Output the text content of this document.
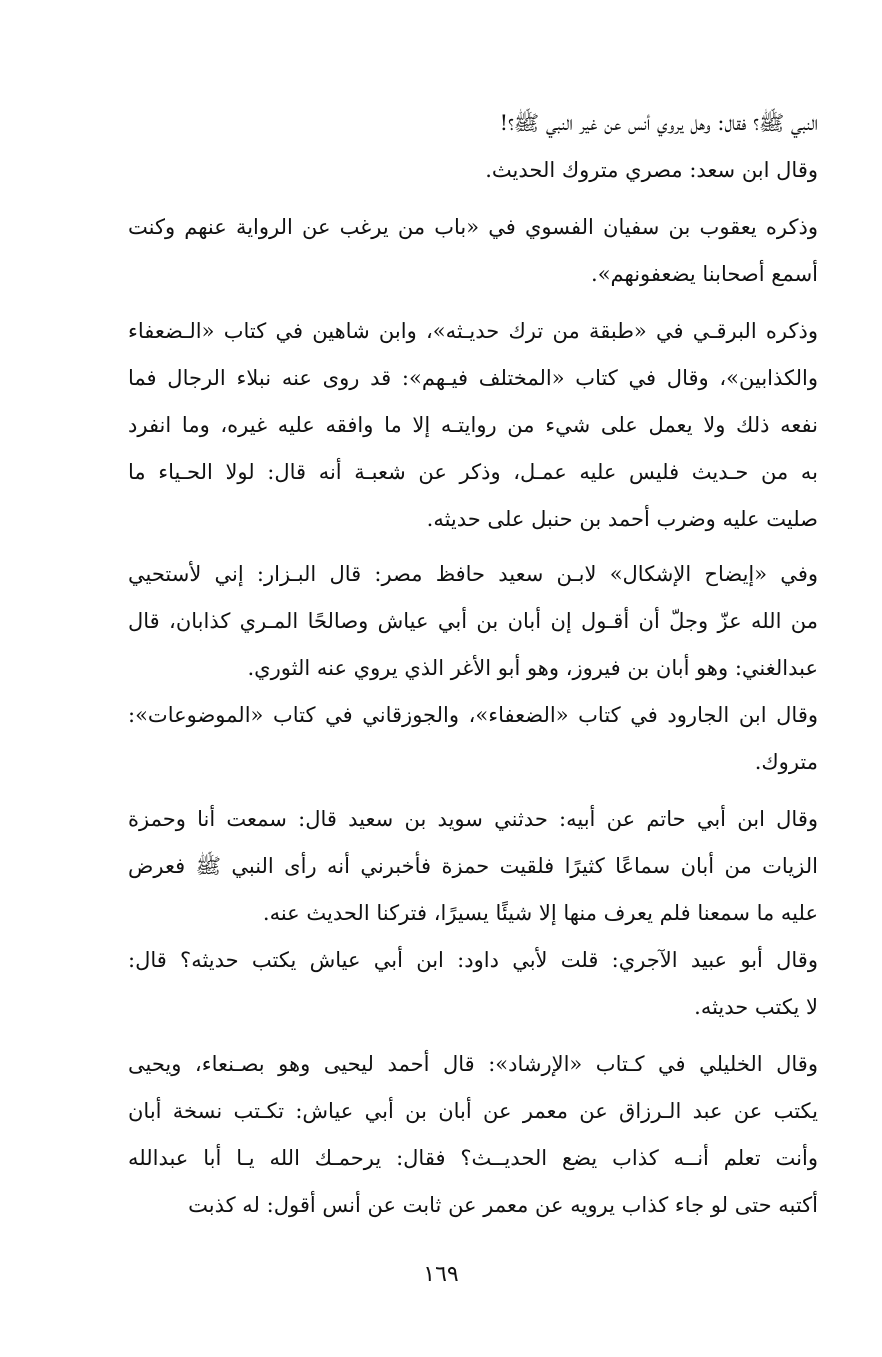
النبي ﷺ؟ فقال: وهل يروي أنس عن غير النبي ﷺ؟!
وقال ابن سعد: مصري متروك الحديث.
وذكره يعقوب بن سفيان الفسوي في «باب من يرغب عن الرواية عنهم وكنت
أسمع أصحابنا يضعفونهم».
وذكره البرقـي في «طبقة من ترك حديـثه»، وابن شاهين في كتاب «الـضعفاء
والكذابين»، وقال في كتاب «المختلف فيـهم»: قد روى عنه نبلاء الرجال فما
نفعه ذلك ولا يعمل على شيء من روايتـه إلا ما وافقه عليه غيره، وما انفرد
به من حـديث فليس عليه عمـل، وذكر عن شعبـة أنه قال: لولا الحـياء ما
صليت عليه وضرب أحمد بن حنبل على حديثه.
وفي «إيضاح الإشكال» لابـن سعيد حافظ مصر: قال البـزار: إني لأستحيي
من الله عزّ وجلّ أن أقـول إن أبان بن أبي عياش وصالحًا المـري كذابان، قال
عبدالغني: وهو أبان بن فيروز، وهو أبو الأغر الذي يروي عنه الثوري.
وقال ابن الجارود في كتاب «الضعفاء»، والجوزقاني في كتاب «الموضوعات»:
متروك.
وقال ابن أبي حاتم عن أبيه: حدثني سويد بن سعيد قال: سمعت أنا وحمزة
الزيات من أبان سماعًا كثيرًا فلقيت حمزة فأخبرني أنه رأى النبي ﷺ فعرض
عليه ما سمعنا فلم يعرف منها إلا شيئًا يسيرًا، فتركنا الحديث عنه.
وقال أبو عبيد الآجري: قلت لأبي داود: ابن أبي عياش يكتب حديثه؟ قال:
لا يكتب حديثه.
وقال الخليلي في كـتاب «الإرشاد»: قال أحمد ليحيى وهو بصـنعاء، ويحيى
يكتب عن عبد الـرزاق عن معمر عن أبان بن أبي عياش: تكـتب نسخة أبان
وأنت تعلم أنــه كذاب يضع الحديــث؟ فقال: يرحمـك الله يـا أبا عبدالله
أكتبه حتى لو جاء كذاب يرويه عن معمر عن ثابت عن أنس أقول: له كذبت
١٦٩
